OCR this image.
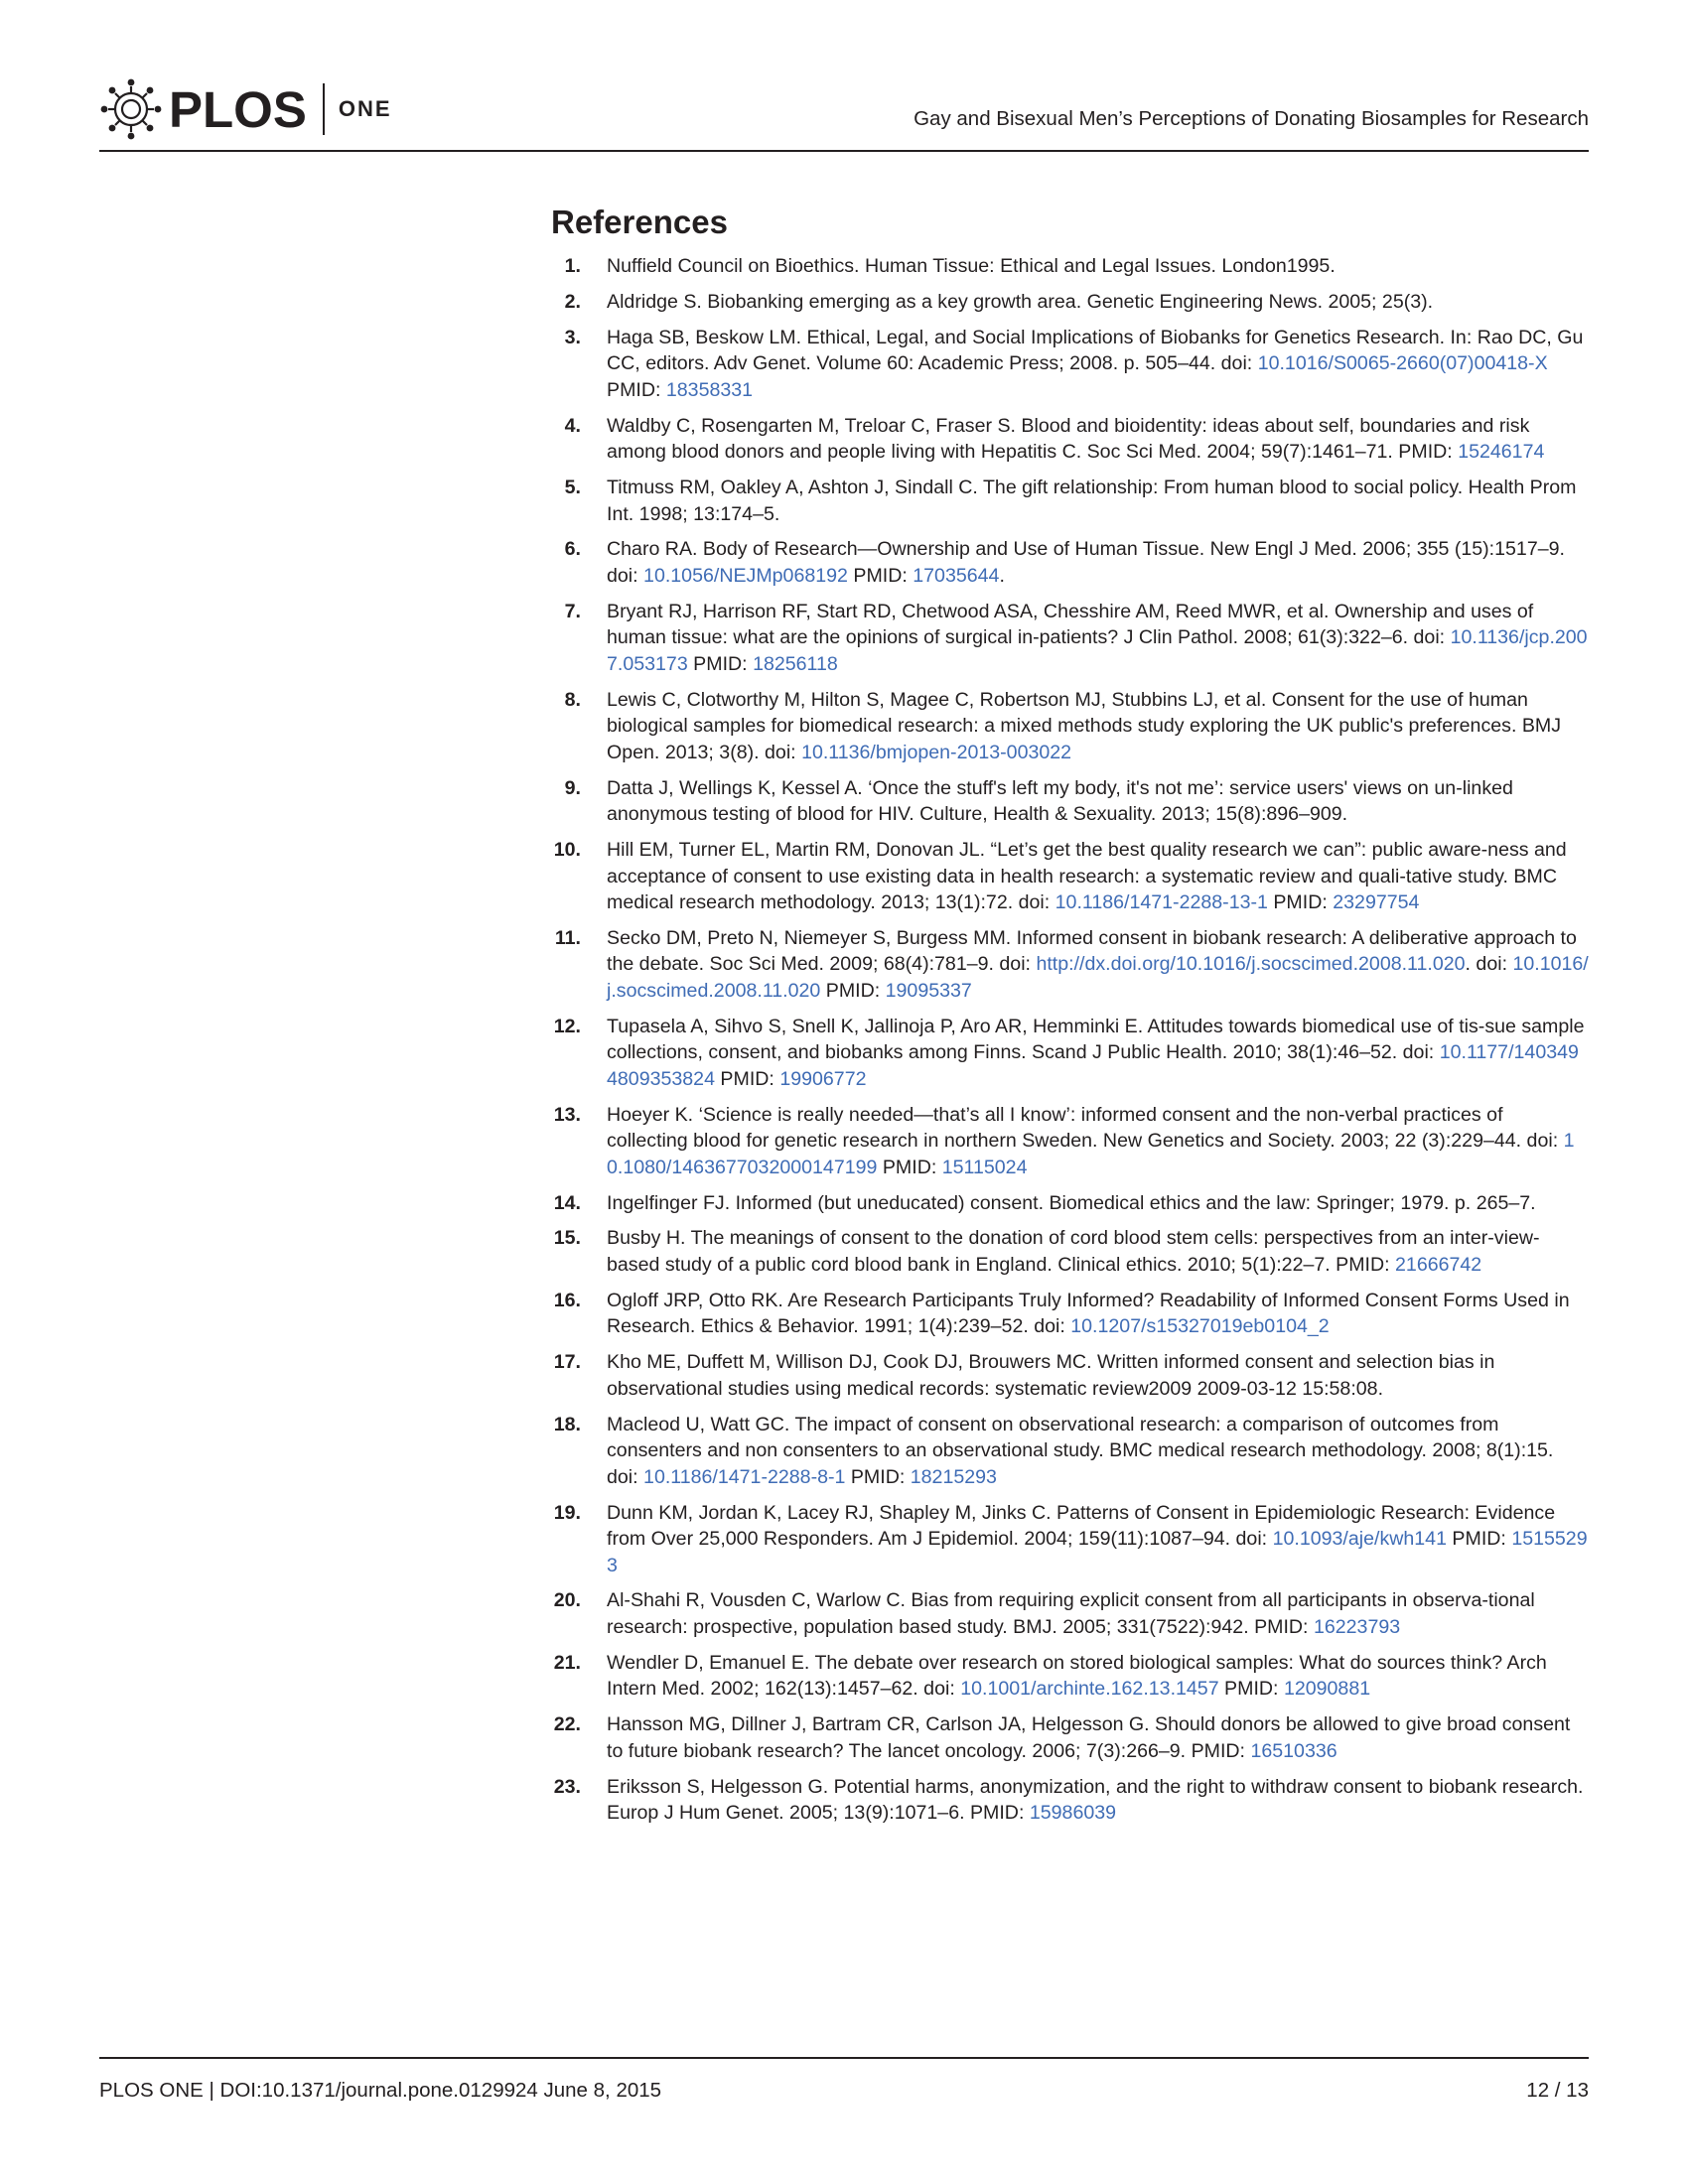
PLOS ONE	Gay and Bisexual Men’s Perceptions of Donating Biosamples for Research
References
1. Nuffield Council on Bioethics. Human Tissue: Ethical and Legal Issues. London1995.
2. Aldridge S. Biobanking emerging as a key growth area. Genetic Engineering News. 2005; 25(3).
3. Haga SB, Beskow LM. Ethical, Legal, and Social Implications of Biobanks for Genetics Research. In: Rao DC, Gu CC, editors. Adv Genet. Volume 60: Academic Press; 2008. p. 505–44. doi: 10.1016/S0065-2660(07)00418-X PMID: 18358331
4. Waldby C, Rosengarten M, Treloar C, Fraser S. Blood and bioidentity: ideas about self, boundaries and risk among blood donors and people living with Hepatitis C. Soc Sci Med. 2004; 59(7):1461–71. PMID: 15246174
5. Titmuss RM, Oakley A, Ashton J, Sindall C. The gift relationship: From human blood to social policy. Health Prom Int. 1998; 13:174–5.
6. Charo RA. Body of Research—Ownership and Use of Human Tissue. New Engl J Med. 2006; 355 (15):1517–9. doi: 10.1056/NEJMp068192 PMID: 17035644.
7. Bryant RJ, Harrison RF, Start RD, Chetwood ASA, Chesshire AM, Reed MWR, et al. Ownership and uses of human tissue: what are the opinions of surgical in-patients? J Clin Pathol. 2008; 61(3):322–6. doi: 10.1136/jcp.2007.053173 PMID: 18256118
8. Lewis C, Clotworthy M, Hilton S, Magee C, Robertson MJ, Stubbins LJ, et al. Consent for the use of human biological samples for biomedical research: a mixed methods study exploring the UK public's preferences. BMJ Open. 2013; 3(8). doi: 10.1136/bmjopen-2013-003022
9. Datta J, Wellings K, Kessel A. ‘Once the stuff's left my body, it's not me’: service users' views on un-linked anonymous testing of blood for HIV. Culture, Health & Sexuality. 2013; 15(8):896–909.
10. Hill EM, Turner EL, Martin RM, Donovan JL. “Let’s get the best quality research we can”: public aware-ness and acceptance of consent to use existing data in health research: a systematic review and quali-tative study. BMC medical research methodology. 2013; 13(1):72. doi: 10.1186/1471-2288-13-1 PMID: 23297754
11. Secko DM, Preto N, Niemeyer S, Burgess MM. Informed consent in biobank research: A deliberative approach to the debate. Soc Sci Med. 2009; 68(4):781–9. doi: http://dx.doi.org/10.1016/j.socscimed.2008.11.020. doi: 10.1016/j.socscimed.2008.11.020 PMID: 19095337
12. Tupasela A, Sihvo S, Snell K, Jallinoja P, Aro AR, Hemminki E. Attitudes towards biomedical use of tis-sue sample collections, consent, and biobanks among Finns. Scand J Public Health. 2010; 38(1):46–52. doi: 10.1177/1403494809353824 PMID: 19906772
13. Hoeyer K. ‘Science is really needed—that’s all I know’: informed consent and the non-verbal practices of collecting blood for genetic research in northern Sweden. New Genetics and Society. 2003; 22 (3):229–44. doi: 10.1080/1463677032000147199 PMID: 15115024
14. Ingelfinger FJ. Informed (but uneducated) consent. Biomedical ethics and the law: Springer; 1979. p. 265–7.
15. Busby H. The meanings of consent to the donation of cord blood stem cells: perspectives from an inter-view-based study of a public cord blood bank in England. Clinical ethics. 2010; 5(1):22–7. PMID: 21666742
16. Ogloff JRP, Otto RK. Are Research Participants Truly Informed? Readability of Informed Consent Forms Used in Research. Ethics & Behavior. 1991; 1(4):239–52. doi: 10.1207/s15327019eb0104_2
17. Kho ME, Duffett M, Willison DJ, Cook DJ, Brouwers MC. Written informed consent and selection bias in observational studies using medical records: systematic review2009 2009-03-12 15:58:08.
18. Macleod U, Watt GC. The impact of consent on observational research: a comparison of outcomes from consenters and non consenters to an observational study. BMC medical research methodology. 2008; 8(1):15. doi: 10.1186/1471-2288-8-1 PMID: 18215293
19. Dunn KM, Jordan K, Lacey RJ, Shapley M, Jinks C. Patterns of Consent in Epidemiologic Research: Evidence from Over 25,000 Responders. Am J Epidemiol. 2004; 159(11):1087–94. doi: 10.1093/aje/kwh141 PMID: 15155293
20. Al-Shahi R, Vousden C, Warlow C. Bias from requiring explicit consent from all participants in observa-tional research: prospective, population based study. BMJ. 2005; 331(7522):942. PMID: 16223793
21. Wendler D, Emanuel E. The debate over research on stored biological samples: What do sources think? Arch Intern Med. 2002; 162(13):1457–62. doi: 10.1001/archinte.162.13.1457 PMID: 12090881
22. Hansson MG, Dillner J, Bartram CR, Carlson JA, Helgesson G. Should donors be allowed to give broad consent to future biobank research? The lancet oncology. 2006; 7(3):266–9. PMID: 16510336
23. Eriksson S, Helgesson G. Potential harms, anonymization, and the right to withdraw consent to biobank research. Europ J Hum Genet. 2005; 13(9):1071–6. PMID: 15986039
PLOS ONE | DOI:10.1371/journal.pone.0129924 June 8, 2015	12 / 13
